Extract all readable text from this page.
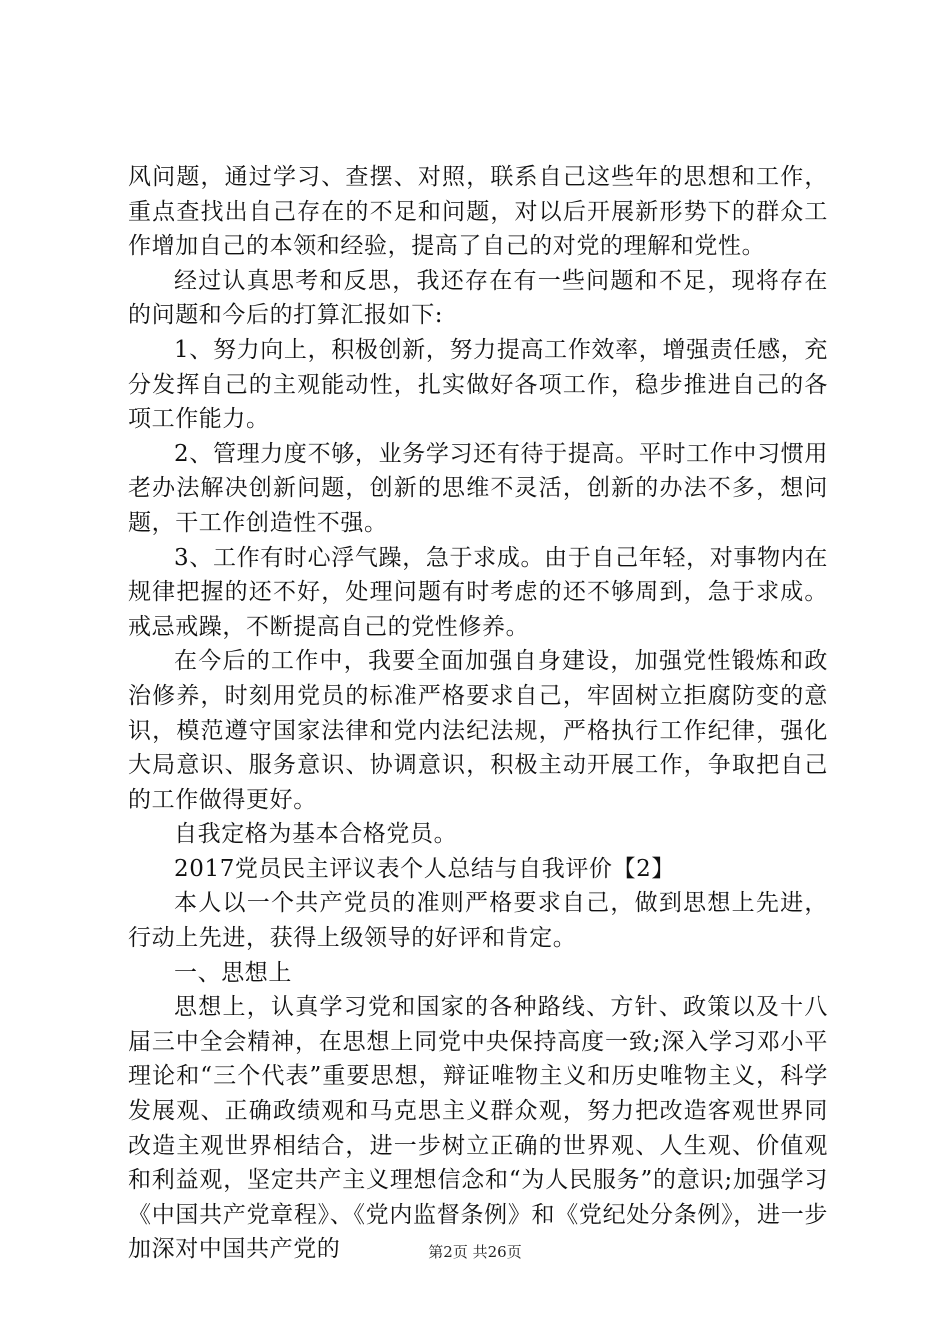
风问题，通过学习、查摆、对照，联系自己这些年的思想和工作，重点查找出自己存在的不足和问题，对以后开展新形势下的群众工作增加自己的本领和经验，提高了自己的对党的理解和党性。

经过认真思考和反思，我还存在有一些问题和不足，现将存在的问题和今后的打算汇报如下:

1、努力向上，积极创新，努力提高工作效率，增强责任感，充分发挥自己的主观能动性，扎实做好各项工作，稳步推进自己的各项工作能力。

2、管理力度不够，业务学习还有待于提高。平时工作中习惯用老办法解决创新问题，创新的思维不灵活，创新的办法不多，想问题，干工作创造性不强。

3、工作有时心浮气躁，急于求成。由于自己年轻，对事物内在规律把握的还不好，处理问题有时考虑的还不够周到，急于求成。戒忌戒躁，不断提高自己的党性修养。

在今后的工作中，我要全面加强自身建设，加强党性锻炼和政治修养，时刻用党员的标准严格要求自己，牢固树立拒腐防变的意识，模范遵守国家法律和党内法纪法规，严格执行工作纪律，强化大局意识、服务意识、协调意识，积极主动开展工作，争取把自己的工作做得更好。

自我定格为基本合格党员。

2017党员民主评议表个人总结与自我评价【2】

本人以一个共产党员的准则严格要求自己，做到思想上先进，行动上先进，获得上级领导的好评和肯定。

一、思想上

思想上，认真学习党和国家的各种路线、方针、政策以及十八届三中全会精神，在思想上同党中央保持高度一致;深入学习邓小平理论和“三个代表”重要思想，辩证唯物主义和历史唯物主义，科学发展观、正确政绩观和马克思主义群众观，努力把改造客观世界同改造主观世界相结合，进一步树立正确的世界观、人生观、价值观和利益观，坚定共产主义理想信念和“为人民服务”的意识;加强学习《中国共产党章程》、《党内监督条例》和《党纪处分条例》，进一步加深对中国共产党的	第2页 共26页
